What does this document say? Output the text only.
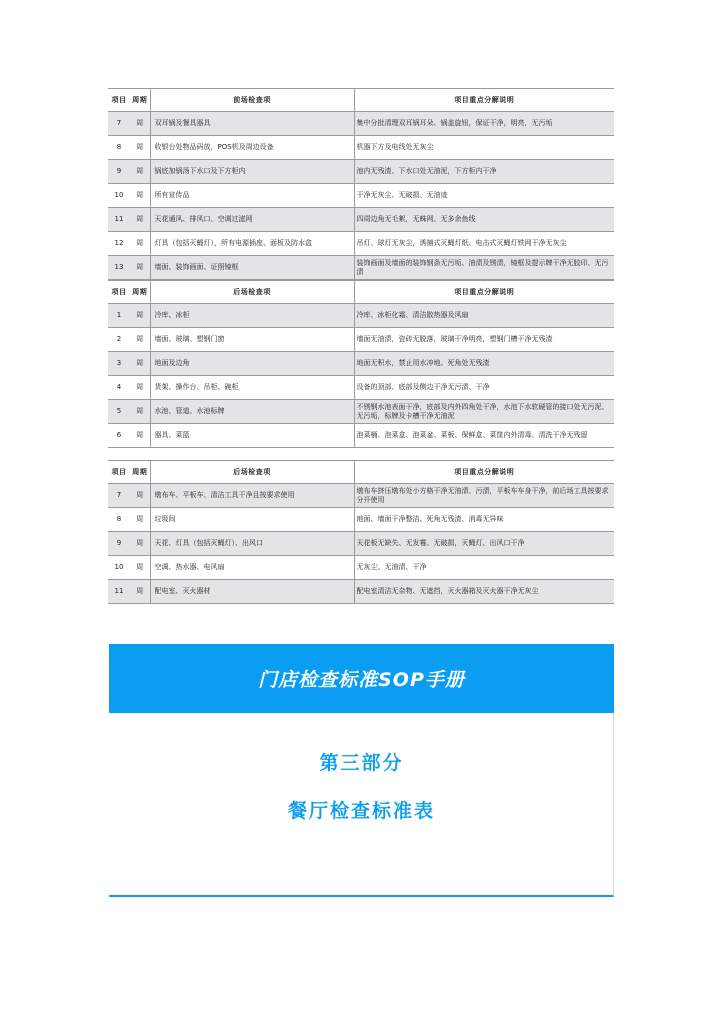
项目	周期	前场检查项	项目重点分解说明
7	周	双耳锅及餐具器具	集中分批清理双耳锅耳朵、锅盖旋钮，保证干净，明亮，无污垢
8	周	收银台处物品码放，POS机及周边设备	机器下方及电线处无灰尘
9	周	锅底加锅汤下水口及下方柜内	池内无残渣、下水口处无油泥，下方柜内干净
10	周	所有宣传品	干净无灰尘、无破损、无油迹
11	周	天花通风、排风口、空调过滤网	四周边角无毛絮，无蛛网、无多余鱼线
12	周	灯具（包括灭蝇灯），所有电源插座、面板及防水盒	吊灯、球灯无灰尘，诱捕式灭蝇灯纸、电击式灭蝇灯铁网干净无灰尘
13	周	墙面、装饰画面、证照镜框	装饰画面及墙面的装饰钢条无污垢、油渍及锈渍，镜框及提示牌干净无胶印、无污渍
项目	周期	后场检查项	项目重点分解说明
1	周	冷库、冰柜	冷库、冰柜化霜、清洁散热器及风扇
2	周	墙面、玻璃、塑钢门窗	墙面无油渍，瓷砖无脱落，玻璃干净明亮，塑钢门槽干净无残渣
3	周	地面及边角	地面无积水，禁止用水冲地。死角处无残渣
4	周	货架、操作台、吊柜、碗柜	设备的顶部、底部及侧边干净无污渍、干净
5	周	水池、管道、水池标牌	不锈钢水池表面干净，底部及内外四角处干净，水池下水软硬管的接口处无污泥、无污垢，标牌及卡槽干净无油泥
6	周	器具、菜篮	泡菜桶、泡菜盒、泡菜盆、菜板、保鲜盒、菜筐内外清毒、清洗干净无残留
项目	周期	后场检查项	项目重点分解说明
7	周	墩布车、平板车、清洁工具干净且按要求使用	墩布车挤压墩布处小方格干净无油渍、污渍，平板车车身干净，前后场工具按要求分开使用
8	周	垃圾间	地面、墙面干净整洁、死角无残渣、消毒无异味
9	周	天花、灯具（包括灭蝇灯）、出风口	天花板无缺失、无发霉、无破损，灭蝇灯、出风口干净
10	周	空调、热水器、电风扇	无灰尘、无油渍、干净
11	周	配电室、灭火器材	配电室清洁无杂物、无遮挡，灭火器箱及灭火器干净无灰尘
门店检查标准SOP手册
第三部分
餐厅检查标准表
